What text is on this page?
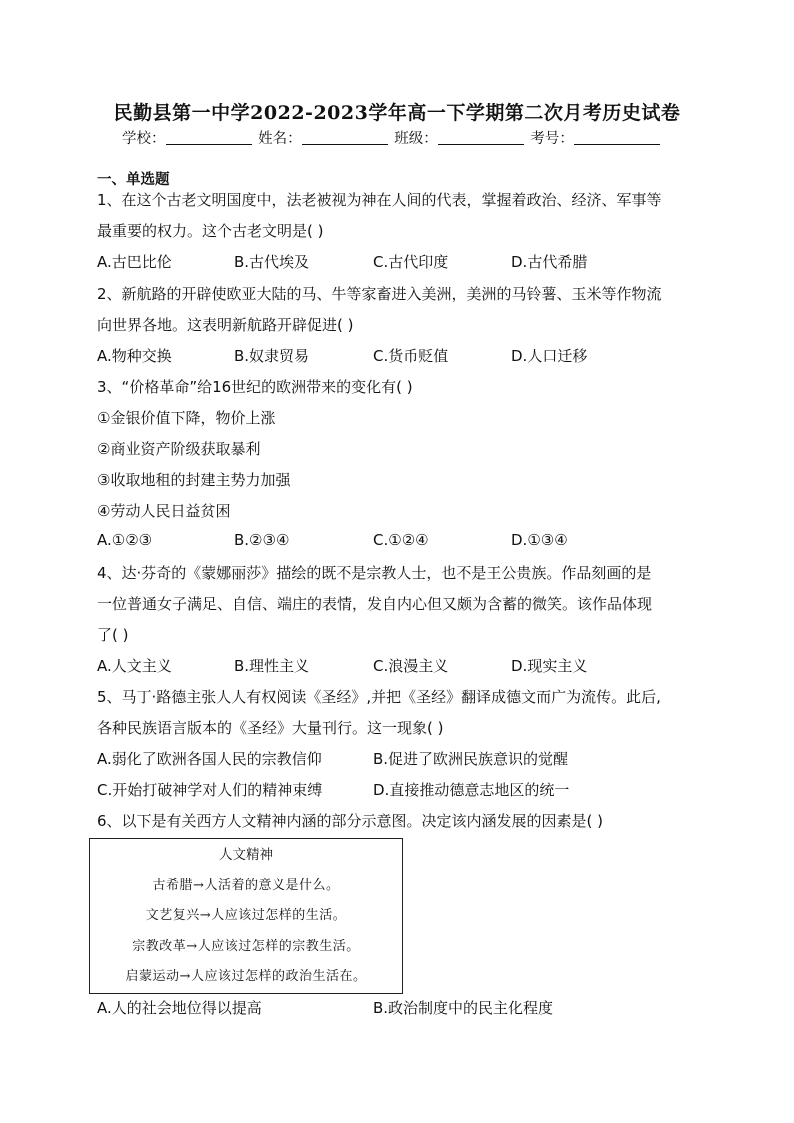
民勤县第一中学2022-2023学年高一下学期第二次月考历史试卷
学校：	姓名：	班级：	考号：
一、单选题
1、在这个古老文明国度中，法老被视为神在人间的代表，掌握着政治、经济、军事等
最重要的权力。这个古老文明是( )
A.古巴比伦	B.古代埃及	C.古代印度	D.古代希腊
2、新航路的开辟使欧亚大陆的马、牛等家畜进入美洲，美洲的马铃薯、玉米等作物流
向世界各地。这表明新航路开辟促进( )
A.物种交换	B.奴隶贸易	C.货币贬值	D.人口迁移
3、“价格革命”给16世纪的欧洲带来的变化有( )
①金银价值下降，物价上涨
②商业资产阶级获取暴利
③收取地租的封建主势力加强
④劳动人民日益贫困
A.①②③	B.②③④	C.①②④	D.①③④
4、达·芬奇的《蒙娜丽莎》描绘的既不是宗教人士，也不是王公贵族。作品刻画的是
一位普通女子满足、自信、端庄的表情，发自内心但又颇为含蓄的微笑。该作品体现
了( )
A.人文主义	B.理性主义	C.浪漫主义	D.现实主义
5、马丁·路德主张人人有权阅读《圣经》,并把《圣经》翻译成德文而广为流传。此后,
各种民族语言版本的《圣经》大量刊行。这一现象( )
A.弱化了欧洲各国人民的宗教信仰	B.促进了欧洲民族意识的觉醒
C.开始打破神学对人们的精神束缚	D.直接推动德意志地区的统一
6、以下是有关西方人文精神内涵的部分示意图。决定该内涵发展的因素是( )
人文精神
古希腊→人活着的意义是什么。
文艺复兴→人应该过怎样的生活。
宗教改革→人应该过怎样的宗教生活。
启蒙运动→人应该过怎样的政治生活在。
A.人的社会地位得以提高	B.政治制度中的民主化程度
